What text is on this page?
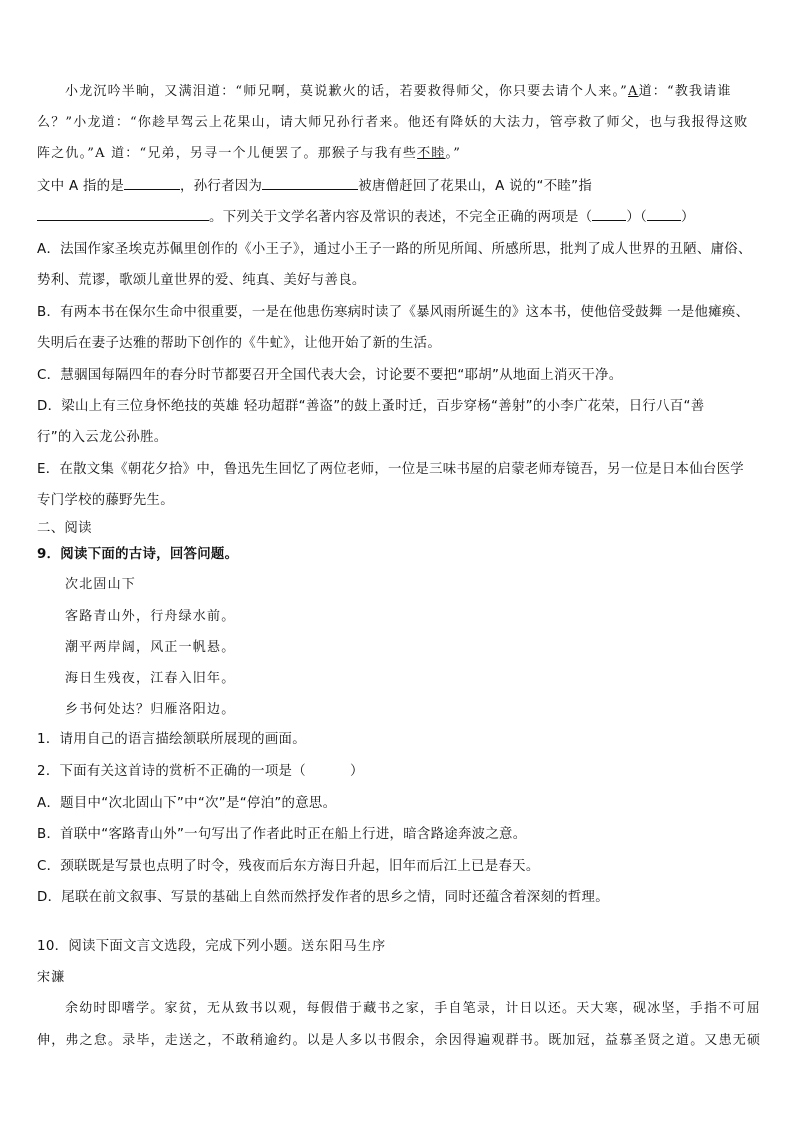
小龙沉吟半晌，又满泪道：“师兄啊，莫说歉火的话，若要救得师父，你只要去请个人来。”A道：“教我请谁
么？”小龙道：“你趁早驾云上花果山，请大师兄孙行者来。他还有降妖的大法力，管亭救了师父，也与我报得这败
阵之仇。”A 道：“兄弟，另寻一个儿便罢了。那猴子与我有些不睦。”
文中 A 指的是	，孙行者因为	被唐僧赶回了花果山，A 说的“不睦”指
。下列关于文学名著内容及常识的表述，不完全正确的两项是（	）（	）
A．法国作家圣埃克苏佩里创作的《小王子》，通过小王子一路的所见所闻、所感所思，批判了成人世界的丑陋、庸俗、
势利、荒谬，歌颂儿童世界的爱、纯真、美好与善良。
B．有两本书在保尔生命中很重要，一是在他患伤寒病时读了《暴风雨所诞生的》这本书，使他倍受鼓舞 一是他瘫痪、
失明后在妻子达雅的帮助下创作的《牛虻》，让他开始了新的生活。
C．慧骃国每隔四年的春分时节都要召开全国代表大会，讨论要不要把“耶胡”从地面上消灭干净。
D．梁山上有三位身怀绝技的英雄 轻功超群“善盗”的鼓上蚤时迁，百步穿杨“善射”的小李广花荣，日行八百“善
行”的入云龙公孙胜。
E．在散文集《朝花夕拾》中，鲁迅先生回忆了两位老师，一位是三味书屋的启蒙老师寿镜吾，另一位是日本仙台医学
专门学校的藤野先生。
二、阅读
9．阅读下面的古诗，回答问题。
次北固山下
客路青山外，行舟绿水前。
潮平两岸阔，风正一帆悬。
海日生残夜，江春入旧年。
乡书何处达？归雁洛阳边。
1．请用自己的语言描绘颔联所展现的画面。
2．下面有关这首诗的赏析不正确的一项是（	）
A．题目中“次北固山下”中“次”是“停泊”的意思。
B．首联中“客路青山外”一句写出了作者此时正在船上行进，暗含路途奔波之意。
C．颈联既是写景也点明了时令，残夜而后东方海日升起，旧年而后江上已是春天。
D．尾联在前文叙事、写景的基础上自然而然抒发作者的思乡之情，同时还蕴含着深刻的哲理。
10．阅读下面文言文选段，完成下列小题。送东阳马生序
宋濂
余幼时即嗜学。家贫，无从致书以观，每假借于藏书之家，手自笔录，计日以还。天大寒，砚冰坚，手指不可屈
伸，弗之怠。录毕，走送之，不敢稍逾约。以是人多以书假余，余因得遍观群书。既加冠，益慕圣贤之道。又患无硕
